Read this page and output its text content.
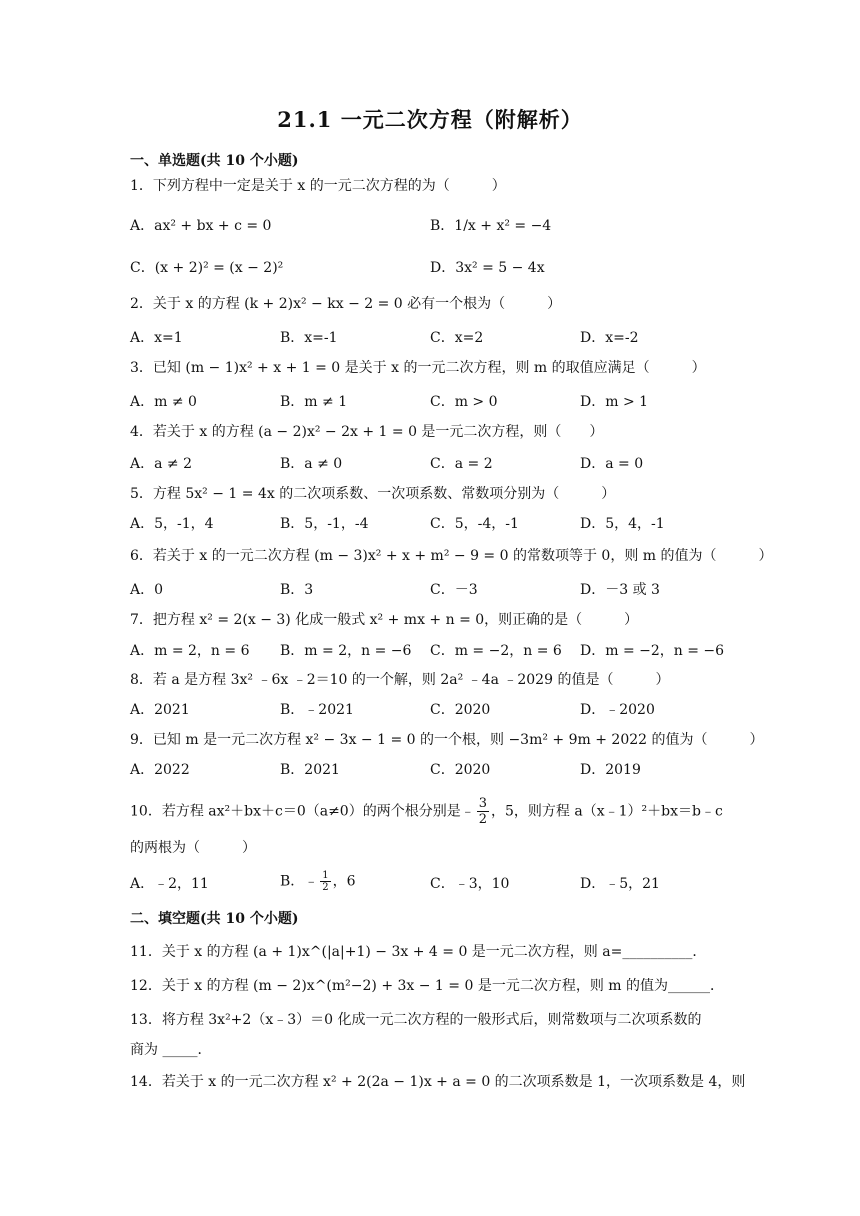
21.1 一元二次方程（附解析）
一、单选题(共 10 个小题)
1．下列方程中一定是关于 x 的一元二次方程的为（　　　）
A．ax² + bx + c = 0	B．1/x + x² = −4
C．(x + 2)² = (x − 2)²	D．3x² = 5 − 4x
2．关于 x 的方程 (k + 2)x² − kx − 2 = 0 必有一个根为（　　　）
A．x=1	B．x=-1	C．x=2	D．x=-2
3．已知 (m − 1)x² + x + 1 = 0 是关于 x 的一元二次方程，则 m 的取值应满足（　　　）
A．m ≠ 0	B．m ≠ 1	C．m > 0	D．m > 1
4．若关于 x 的方程 (a − 2)x² − 2x + 1 = 0 是一元二次方程，则（　　）
A．a ≠ 2	B．a ≠ 0	C．a = 2	D．a = 0
5．方程 5x² − 1 = 4x 的二次项系数、一次项系数、常数项分别为（　　　）
A．5，-1，4	B．5，-1，-4	C．5，-4，-1	D．5，4，-1
6．若关于 x 的一元二次方程 (m − 3)x² + x + m² − 9 = 0 的常数项等于 0，则 m 的值为（　　　）
A．0	B．3	C．－3	D．－3 或 3
7．把方程 x² = 2(x − 3) 化成一般式 x² + mx + n = 0，则正确的是（　　　）
A．m = 2，n = 6 B．m = 2，n = −6 C．m = −2，n = 6 D．m = −2，n = −6
8．若 a 是方程 3x² ﹣6x ﹣2＝10 的一个解，则 2a² ﹣4a ﹣2029 的值是（　　　）
A．2021	B．﹣2021	C．2020	D．﹣2020
9．已知 m 是一元二次方程 x² − 3x − 1 = 0 的一个根，则 −3m² + 9m + 2022 的值为（　　　）
A．2022	B．2021	C．2020	D．2019
10．若方程 ax²＋bx＋c＝0（a≠0）的两个根分别是﹣ $\frac{3}{2}$ ，5，则方程 a（x﹣1）²＋bx＝b﹣c
的两根为（　　　）
A．﹣2，11	B．﹣ $\frac{1}{2}$ ，6	C．﹣3，10	D．﹣5，21
二、填空题(共 10 个小题)
11．关于 x 的方程 (a + 1)x^(|a|+1) − 3x + 4 = 0 是一元二次方程，则 a=__________．
12．关于 x 的方程 (m − 2)x^(m²−2) + 3x − 1 = 0 是一元二次方程，则 m 的值为______．
13．将方程 3x²+2（x﹣3）＝0 化成一元二次方程的一般形式后，则常数项与二次项系数的
商为 _____．
14．若关于 x 的一元二次方程 x² + 2(2a − 1)x + a = 0 的二次项系数是 1，一次项系数是 4，则
